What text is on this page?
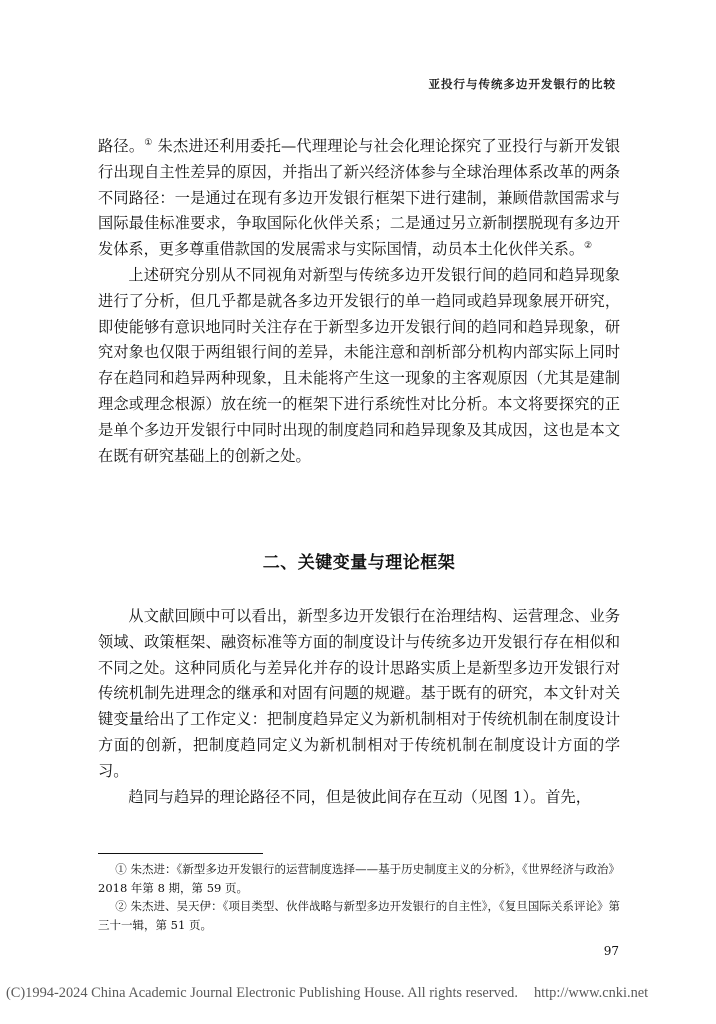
亚投行与传统多边开发银行的比较

路径。① 朱杰进还利用委托—代理理论与社会化理论探究了亚投行与新开发银行出现自主性差异的原因，并指出了新兴经济体参与全球治理体系改革的两条不同路径：一是通过在现有多边开发银行框架下进行建制，兼顾借款国需求与国际最佳标准要求，争取国际化伙伴关系；二是通过另立新制摆脱现有多边开发体系，更多尊重借款国的发展需求与实际国情，动员本土化伙伴关系。②

上述研究分别从不同视角对新型与传统多边开发银行间的趋同和趋异现象进行了分析，但几乎都是就各多边开发银行的单一趋同或趋异现象展开研究，即使能够有意识地同时关注存在于新型多边开发银行间的趋同和趋异现象，研究对象也仅限于两组银行间的差异，未能注意和剖析部分机构内部实际上同时存在趋同和趋异两种现象，且未能将产生这一现象的主客观原因（尤其是建制理念或理念根源）放在统一的框架下进行系统性对比分析。本文将要探究的正是单个多边开发银行中同时出现的制度趋同和趋异现象及其成因，这也是本文在既有研究基础上的创新之处。

二、关键变量与理论框架

从文献回顾中可以看出，新型多边开发银行在治理结构、运营理念、业务领域、政策框架、融资标准等方面的制度设计与传统多边开发银行存在相似和不同之处。这种同质化与差异化并存的设计思路实质上是新型多边开发银行对传统机制先进理念的继承和对固有问题的规避。基于既有的研究，本文针对关键变量给出了工作定义：把制度趋异定义为新机制相对于传统机制在制度设计方面的创新，把制度趋同定义为新机制相对于传统机制在制度设计方面的学习。

趋同与趋异的理论路径不同，但是彼此间存在互动（见图 1）。首先，

① 朱杰进：《新型多边开发银行的运营制度选择——基于历史制度主义的分析》，《世界经济与政治》2018 年第 8 期，第 59 页。

② 朱杰进、吴天伊：《项目类型、伙伴战略与新型多边开发银行的自主性》，《复旦国际关系评论》第三十一辑，第 51 页。

97
(C)1994-2024 China Academic Journal Electronic Publishing House. All rights reserved. http://www.cnki.net
